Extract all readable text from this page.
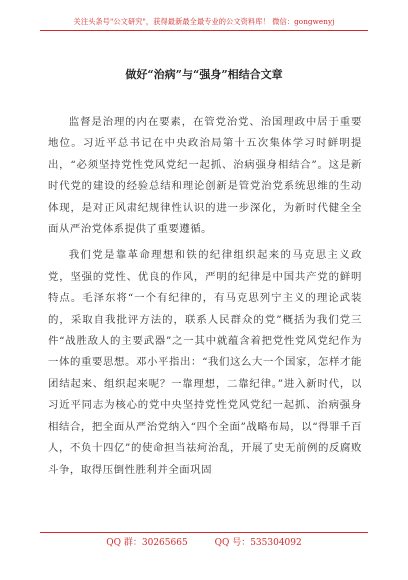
关注头条号"公文研究"，获得最新最全最专业的公文资料库！ 微信：gongwenyj
做好“治病”与“强身”相结合文章

监督是治理的内在要素，在管党治党、治国理政中居于重要地位。习近平总书记在中央政治局第十五次集体学习时鲜明提出，“必须坚持党性党风党纪一起抓、治病强身相结合”。这是新时代党的建设的经验总结和理论创新是管党治党系统思维的生动体现，是对正风肃纪规律性认识的进一步深化，为新时代健全全面从严治党体系提供了重要遵循。

我们党是靠革命理想和铁的纪律组织起来的马克思主义政党，坚强的党性、优良的作风，严明的纪律是中国共产党的鲜明特点。毛泽东将“一个有纪律的，有马克思列宁主义的理论武装的，采取自我批评方法的，联系人民群众的党”概括为我们党三件“战胜敌人的主要武器”之一其中就蕴含着把党性党风党纪作为一体的重要思想。邓小平指出：“我们这么大一个国家，怎样才能团结起来、组织起来呢？一靠理想，二靠纪律。”进入新时代，以习近平同志为核心的党中央坚持党性党风党纪一起抓、治病强身相结合，把全面从严治党纳入“四个全面”战略布局，以“得罪千百人，不负十四亿”的使命担当祛疴治乱，开展了史无前例的反腐败斗争，取得压倒性胜利并全面巩固

QQ 群：30265665	QQ 号：535304092
